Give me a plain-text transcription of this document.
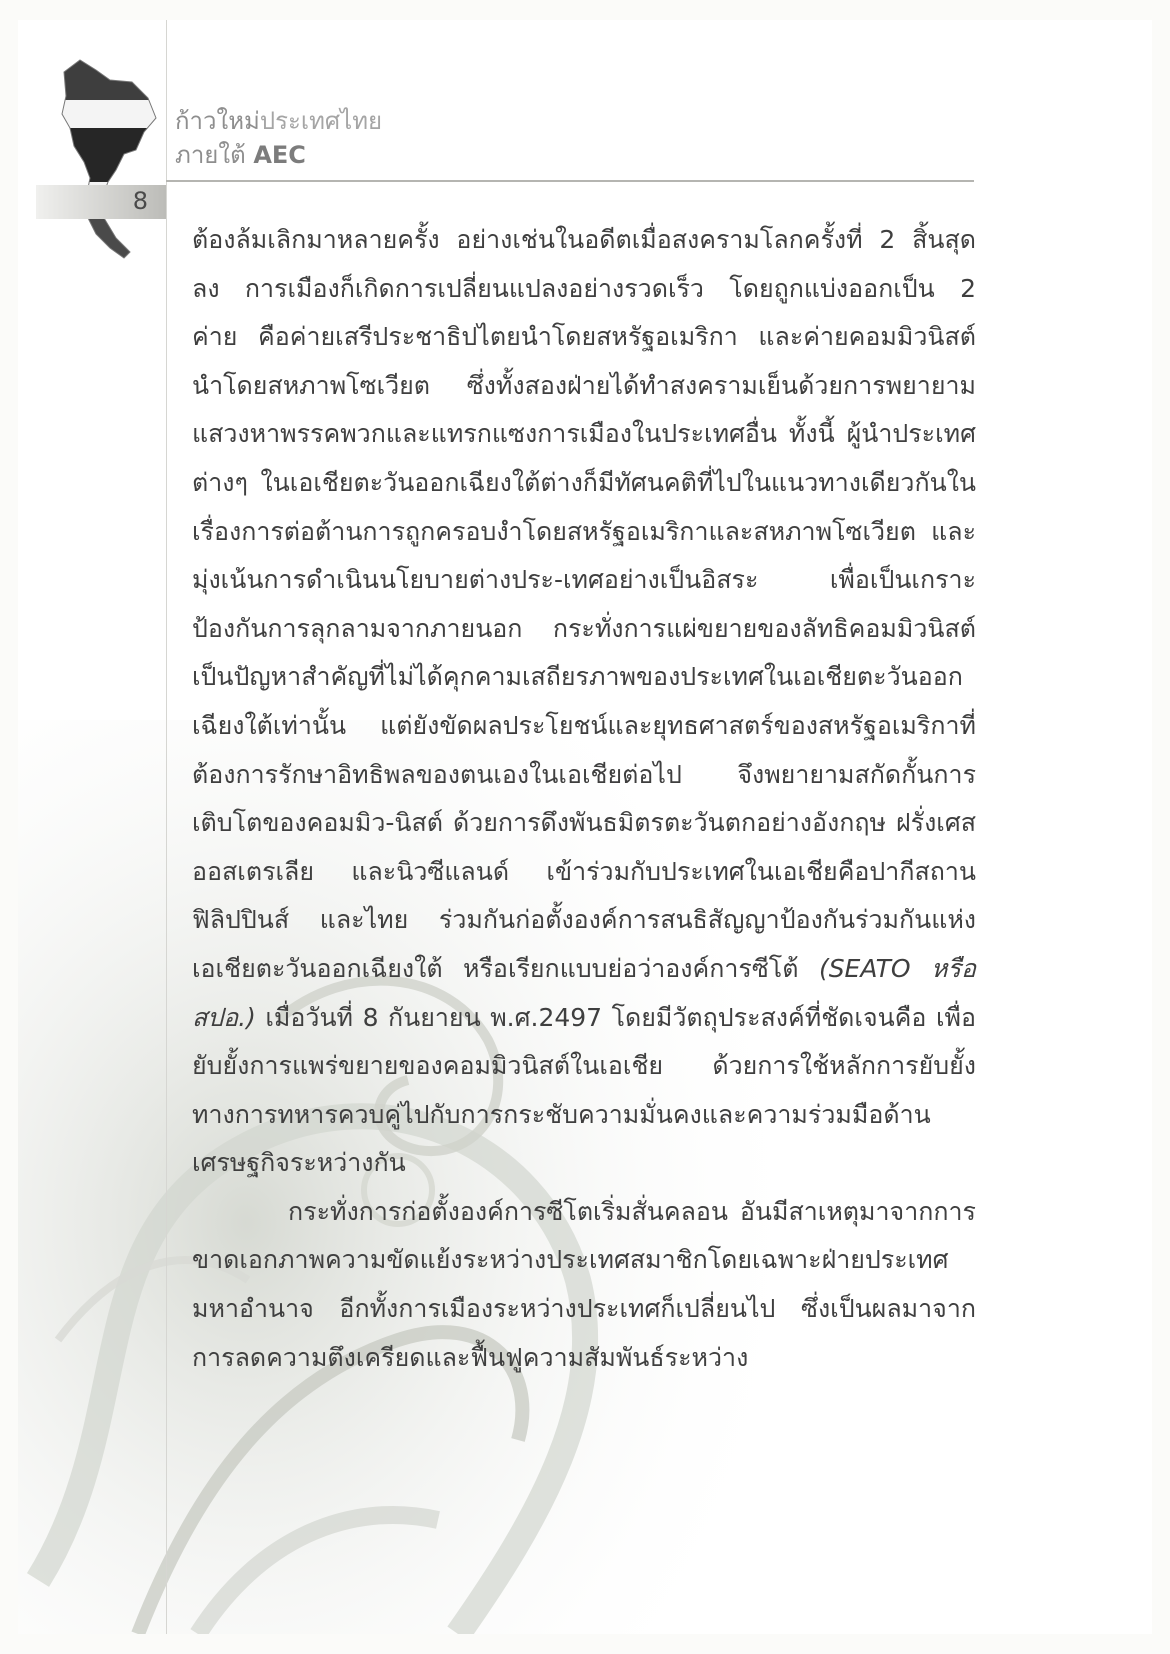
ก้าวใหม่ประเทศไทย

ภายใต้ AEC

8

ต้องล้มเลิกมาหลายครั้ง อย่างเช่นในอดีตเมื่อสงครามโลกครั้งที่ 2 สิ้นสุดลง การเมืองก็เกิดการเปลี่ยนแปลงอย่างรวดเร็ว โดยถูกแบ่งออกเป็น 2 ค่าย คือค่ายเสรีประชาธิปไตยนำโดยสหรัฐอเมริกา และค่ายคอมมิวนิสต์นำโดยสหภาพโซเวียต ซึ่งทั้งสองฝ่ายได้ทำสงครามเย็นด้วยการพยายามแสวงหาพรรคพวกและแทรกแซงการเมืองในประเทศอื่น ทั้งนี้ ผู้นำประเทศต่างๆ ในเอเชียตะวันออกเฉียงใต้ต่างก็มีทัศนคติที่ไปในแนวทางเดียวกันในเรื่องการต่อต้านการถูกครอบงำโดยสหรัฐอเมริกาและสหภาพโซเวียต และมุ่งเน้นการดำเนินนโยบายต่างประ-เทศอย่างเป็นอิสระ เพื่อเป็นเกราะป้องกันการลุกลามจากภายนอก กระทั่งการแผ่ขยายของลัทธิคอมมิวนิสต์เป็นปัญหาสำคัญที่ไม่ได้คุกคามเสถียรภาพของประเทศในเอเชียตะวันออกเฉียงใต้เท่านั้น แต่ยังขัดผลประโยชน์และยุทธศาสตร์ของสหรัฐอเมริกาที่ต้องการรักษาอิทธิพลของตนเองในเอเชียต่อไป จึงพยายามสกัดกั้นการเติบโตของคอมมิว-นิสต์ ด้วยการดึงพันธมิตรตะวันตกอย่างอังกฤษ ฝรั่งเศส ออสเตรเลีย และนิวซีแลนด์ เข้าร่วมกับประเทศในเอเชียคือปากีสถาน ฟิลิปปินส์ และไทย ร่วมกันก่อตั้งองค์การสนธิสัญญาป้องกันร่วมกันแห่งเอเชียตะวันออกเฉียงใต้ หรือเรียกแบบย่อว่าองค์การซีโต้ (SEATO หรือ สปอ.) เมื่อวันที่ 8 กันยายน พ.ศ.2497 โดยมีวัตถุประสงค์ที่ชัดเจนคือ เพื่อยับยั้งการแพร่ขยายของคอมมิวนิสต์ในเอเชีย ด้วยการใช้หลักการยับยั้งทางการทหารควบคู่ไปกับการกระชับความมั่นคงและความร่วมมือด้านเศรษฐกิจระหว่างกัน

กระทั่งการก่อตั้งองค์การซีโตเริ่มสั่นคลอน อันมีสาเหตุมาจากการขาดเอกภาพความขัดแย้งระหว่างประเทศสมาชิกโดยเฉพาะฝ่ายประเทศมหาอำนาจ อีกทั้งการเมืองระหว่างประเทศก็เปลี่ยนไป ซึ่งเป็นผลมาจากการลดความตึงเครียดและฟื้นฟูความสัมพันธ์ระหว่าง
